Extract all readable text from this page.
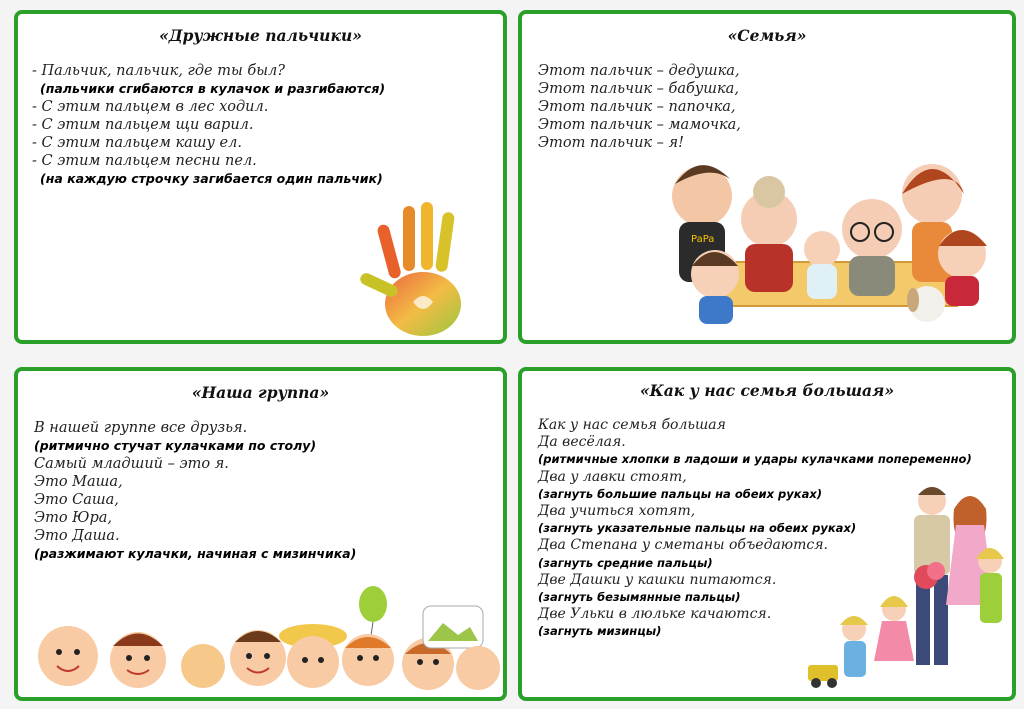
«Дружные пальчики»
- Пальчик, пальчик, где ты был?
(пальчики сгибаются в кулачок и разгибаются)
- С этим пальцем в лес ходил.
- С этим пальцем щи варил.
- С этим пальцем кашу ел.
- С этим пальцем песни пел.
(на каждую строчку загибается один пальчик)
«Семья»
Этот пальчик – дедушка,
Этот пальчик – бабушка,
Этот пальчик – папочка,
Этот пальчик – мамочка,
Этот пальчик – я!
PaPa
«Наша группа»
В нашей группе все друзья.
(ритмично стучат кулачками по столу)
Самый младший – это я.
Это Маша,
Это Саша,
Это Юра,
Это Даша.
(разжимают кулачки, начиная с мизинчика)
«Как у нас семья большая»
Как у нас семья большая
Да весёлая.
(ритмичные хлопки в ладоши и удары кулачками попеременно)
Два у лавки стоят,
(загнуть большие пальцы на обеих руках)
Два учиться хотят,
(загнуть указательные пальцы на обеих руках)
Два Степана у сметаны объедаются.
(загнуть средние пальцы)
Две Дашки у кашки питаются.
(загнуть безымянные пальцы)
Две Ульки в люльке качаются.
(загнуть мизинцы)
